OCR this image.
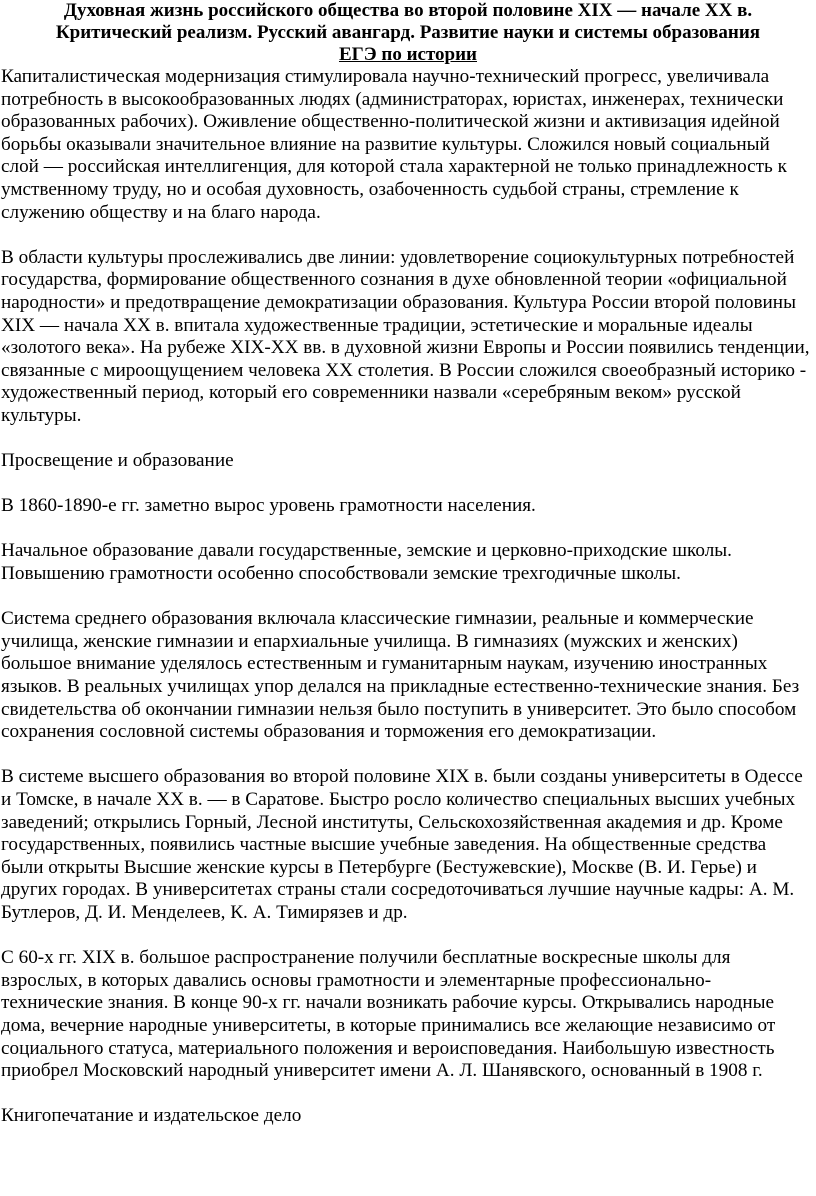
Духовная жизнь российского общества во второй половине XIX — начале XX в.
Критический реализм. Русский авангард. Развитие науки и системы образования
ЕГЭ по истории

Капиталистическая модернизация стимулировала научно-технический прогресс, увеличивала потребность в высокообразованных людях (администраторах, юристах, инженерах, технически образованных рабочих). Оживление общественно-политической жизни и активизация идейной борьбы оказывали значительное влияние на развитие культуры. Сложился новый социальный слой — российская интеллигенция, для которой стала характерной не только принадлежность к умственному труду, но и особая духовность, озабоченность судьбой страны, стремление к служению обществу и на благо народа.

В области культуры прослеживались две линии: удовлетворение социокультурных потребностей государства, формирование общественного сознания в духе обновленной теории «официальной народности» и предотвращение демократизации образования. Культура России второй половины XIX — начала XX в. впитала художественные традиции, эстетические и моральные идеалы «золотого века». На рубеже XIX-XX вв. в духовной жизни Европы и России появились тенденции, связанные с мироощущением человека XX столетия. В России сложился своеобразный историко - художественный период, который его современники назвали «серебряным веком» русской культуры.

Просвещение и образование

В 1860-1890-е гг. заметно вырос уровень грамотности населения.

Начальное образование давали государственные, земские и церковно-приходские школы. Повышению грамотности особенно способствовали земские трехгодичные школы.

Система среднего образования включала классические гимназии, реальные и коммерческие училища, женские гимназии и епархиальные училища. В гимназиях (мужских и женских) большое внимание уделялось естественным и гуманитарным наукам, изучению иностранных языков. В реальных училищах упор делался на прикладные естественно-технические знания. Без свидетельства об окончании гимназии нельзя было поступить в университет. Это было способом сохранения сословной системы образования и торможения его демократизации.

В системе высшего образования во второй половине XIX в. были созданы университеты в Одессе и Томске, в начале XX в. — в Саратове. Быстро росло количество специальных высших учебных заведений; открылись Горный, Лесной институты, Сельскохозяйственная академия и др. Кроме государственных, появились частные высшие учебные заведения. На общественные средства были открыты Высшие женские курсы в Петербурге (Бестужевские), Москве (В. И. Герье) и других городах. В университетах страны стали сосредоточиваться лучшие научные кадры: А. М. Бутлеров, Д. И. Менделеев, К. А. Тимирязев и др.

С 60-х гг. XIX в. большое распространение получили бесплатные воскресные школы для взрослых, в которых давались основы грамотности и элементарные профессионально-технические знания. В конце 90-х гг. начали возникать рабочие курсы. Открывались народные дома, вечерние народные университеты, в которые принимались все желающие независимо от социального статуса, материального положения и вероисповедания. Наибольшую известность приобрел Московский народный университет имени А. Л. Шанявского, основанный в 1908 г.

Книгопечатание и издательское дело
